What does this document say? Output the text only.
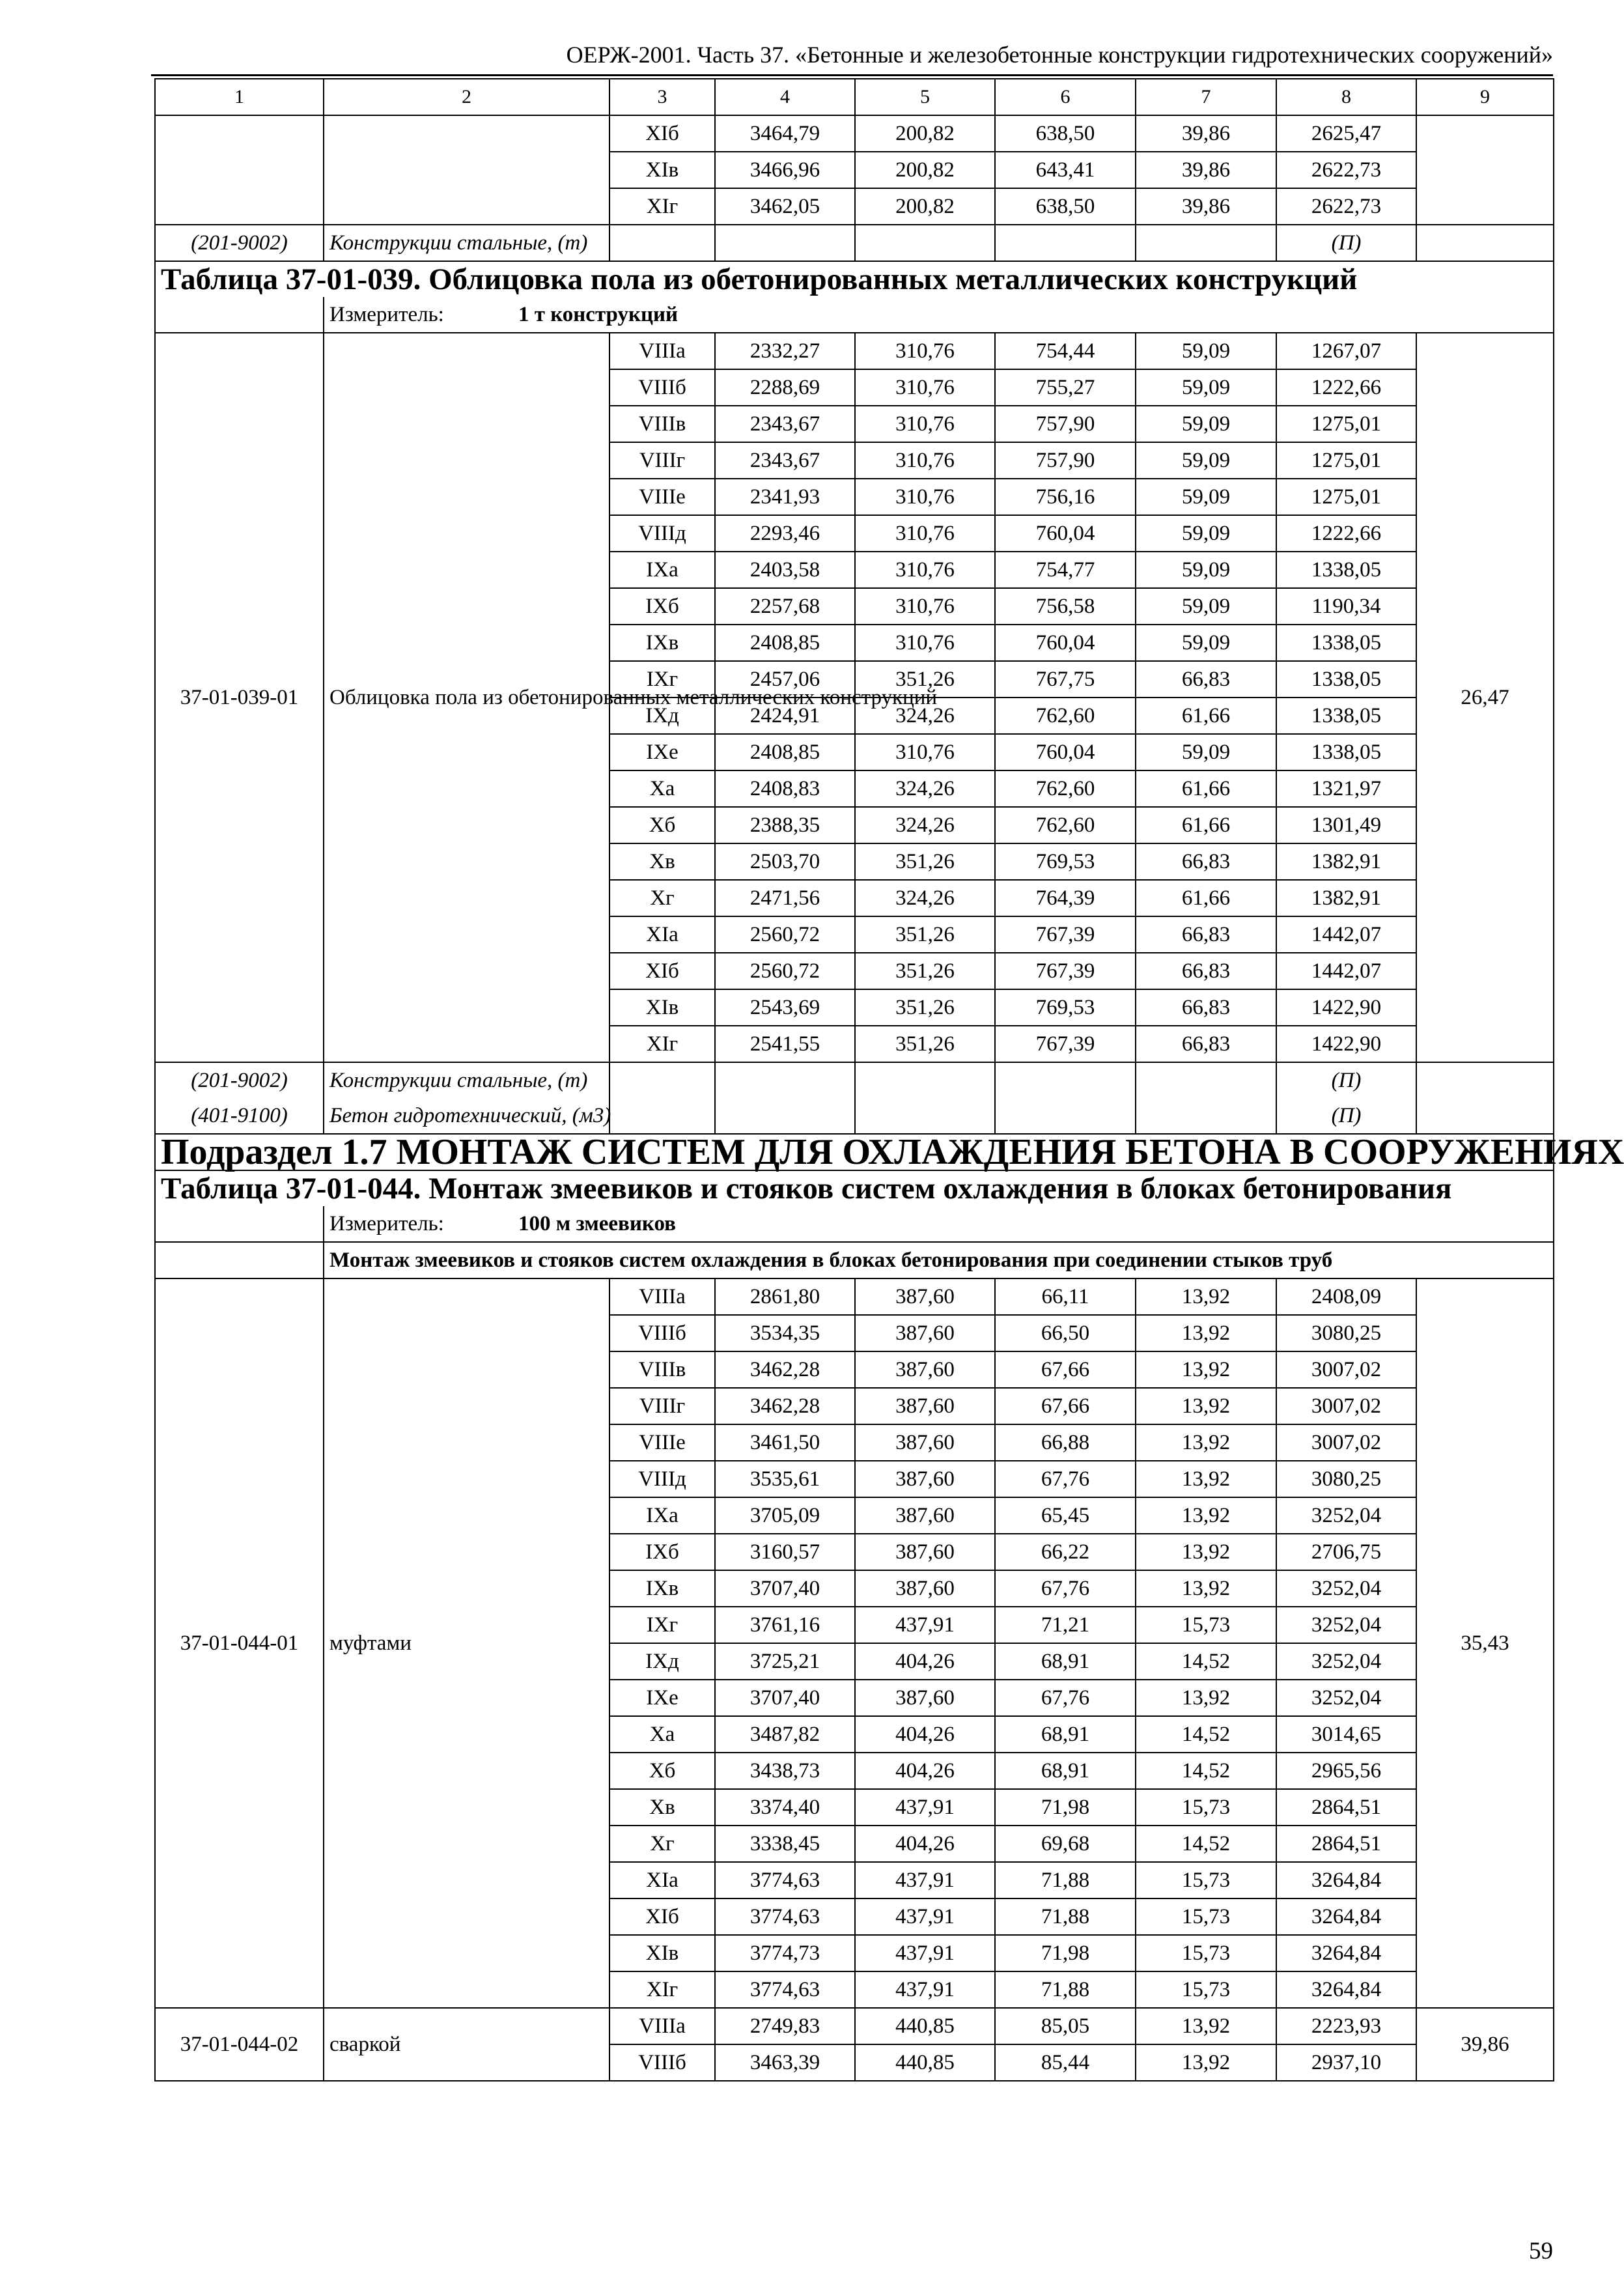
ОЕРЖ-2001. Часть 37. «Бетонные и железобетонные конструкции гидротехнических сооружений»
1	2	3	4	5	6	7	8	9
		XIб	3464,79	200,82	638,50	39,86	2625,47	
		XIв	3466,96	200,82	643,41	39,86	2622,73	
		XIг	3462,05	200,82	638,50	39,86	2622,73	
(201-9002)	Конструкции стальные, (т)						(П)	
Таблица 37-01-039. Облицовка пола из обетонированных металлических конструкций								
	Измеритель: 1 т конструкций							
37-01-039-01	Облицовка пола из обетонированных металлических конструкций	VIIIа	2332,27	310,76	754,44	59,09	1267,07	26,47
		VIIIб	2288,69	310,76	755,27	59,09	1222,66	
		VIIIв	2343,67	310,76	757,90	59,09	1275,01	
		VIIIг	2343,67	310,76	757,90	59,09	1275,01	
		VIIIе	2341,93	310,76	756,16	59,09	1275,01	
		VIIIд	2293,46	310,76	760,04	59,09	1222,66	
		IXа	2403,58	310,76	754,77	59,09	1338,05	
		IXб	2257,68	310,76	756,58	59,09	1190,34	
		IXв	2408,85	310,76	760,04	59,09	1338,05	
		IXг	2457,06	351,26	767,75	66,83	1338,05	
		IXд	2424,91	324,26	762,60	61,66	1338,05	
		IXе	2408,85	310,76	760,04	59,09	1338,05	
		Xа	2408,83	324,26	762,60	61,66	1321,97	
		Xб	2388,35	324,26	762,60	61,66	1301,49	
		Xв	2503,70	351,26	769,53	66,83	1382,91	
		Xг	2471,56	324,26	764,39	61,66	1382,91	
		XIа	2560,72	351,26	767,39	66,83	1442,07	
		XIб	2560,72	351,26	767,39	66,83	1442,07	
		XIв	2543,69	351,26	769,53	66,83	1422,90	
		XIг	2541,55	351,26	767,39	66,83	1422,90	
(201-9002)	Конструкции стальные, (т)						(П)	
(401-9100)	Бетон гидротехнический, (м3)						(П)	
Подраздел 1.7 МОНТАЖ СИСТЕМ ДЛЯ ОХЛАЖДЕНИЯ БЕТОНА В СООРУЖЕНИЯХ								
Таблица 37-01-044. Монтаж змеевиков и стояков систем охлаждения в блоках бетонирования								
	Измеритель: 100 м змеевиков							
	Монтаж змеевиков и стояков систем охлаждения в блоках бетонирования при соединении стыков труб							
37-01-044-01	муфтами	VIIIа	2861,80	387,60	66,11	13,92	2408,09	35,43
		VIIIб	3534,35	387,60	66,50	13,92	3080,25	
		VIIIв	3462,28	387,60	67,66	13,92	3007,02	
		VIIIг	3462,28	387,60	67,66	13,92	3007,02	
		VIIIе	3461,50	387,60	66,88	13,92	3007,02	
		VIIIд	3535,61	387,60	67,76	13,92	3080,25	
		IXа	3705,09	387,60	65,45	13,92	3252,04	
		IXб	3160,57	387,60	66,22	13,92	2706,75	
		IXв	3707,40	387,60	67,76	13,92	3252,04	
		IXг	3761,16	437,91	71,21	15,73	3252,04	
		IXд	3725,21	404,26	68,91	14,52	3252,04	
		IXе	3707,40	387,60	67,76	13,92	3252,04	
		Xа	3487,82	404,26	68,91	14,52	3014,65	
		Xб	3438,73	404,26	68,91	14,52	2965,56	
		Xв	3374,40	437,91	71,98	15,73	2864,51	
		Xг	3338,45	404,26	69,68	14,52	2864,51	
		XIа	3774,63	437,91	71,88	15,73	3264,84	
		XIб	3774,63	437,91	71,88	15,73	3264,84	
		XIв	3774,73	437,91	71,98	15,73	3264,84	
		XIг	3774,63	437,91	71,88	15,73	3264,84	
37-01-044-02	сваркой	VIIIа	2749,83	440,85	85,05	13,92	2223,93	39,86
		VIIIб	3463,39	440,85	85,44	13,92	2937,10	
59
